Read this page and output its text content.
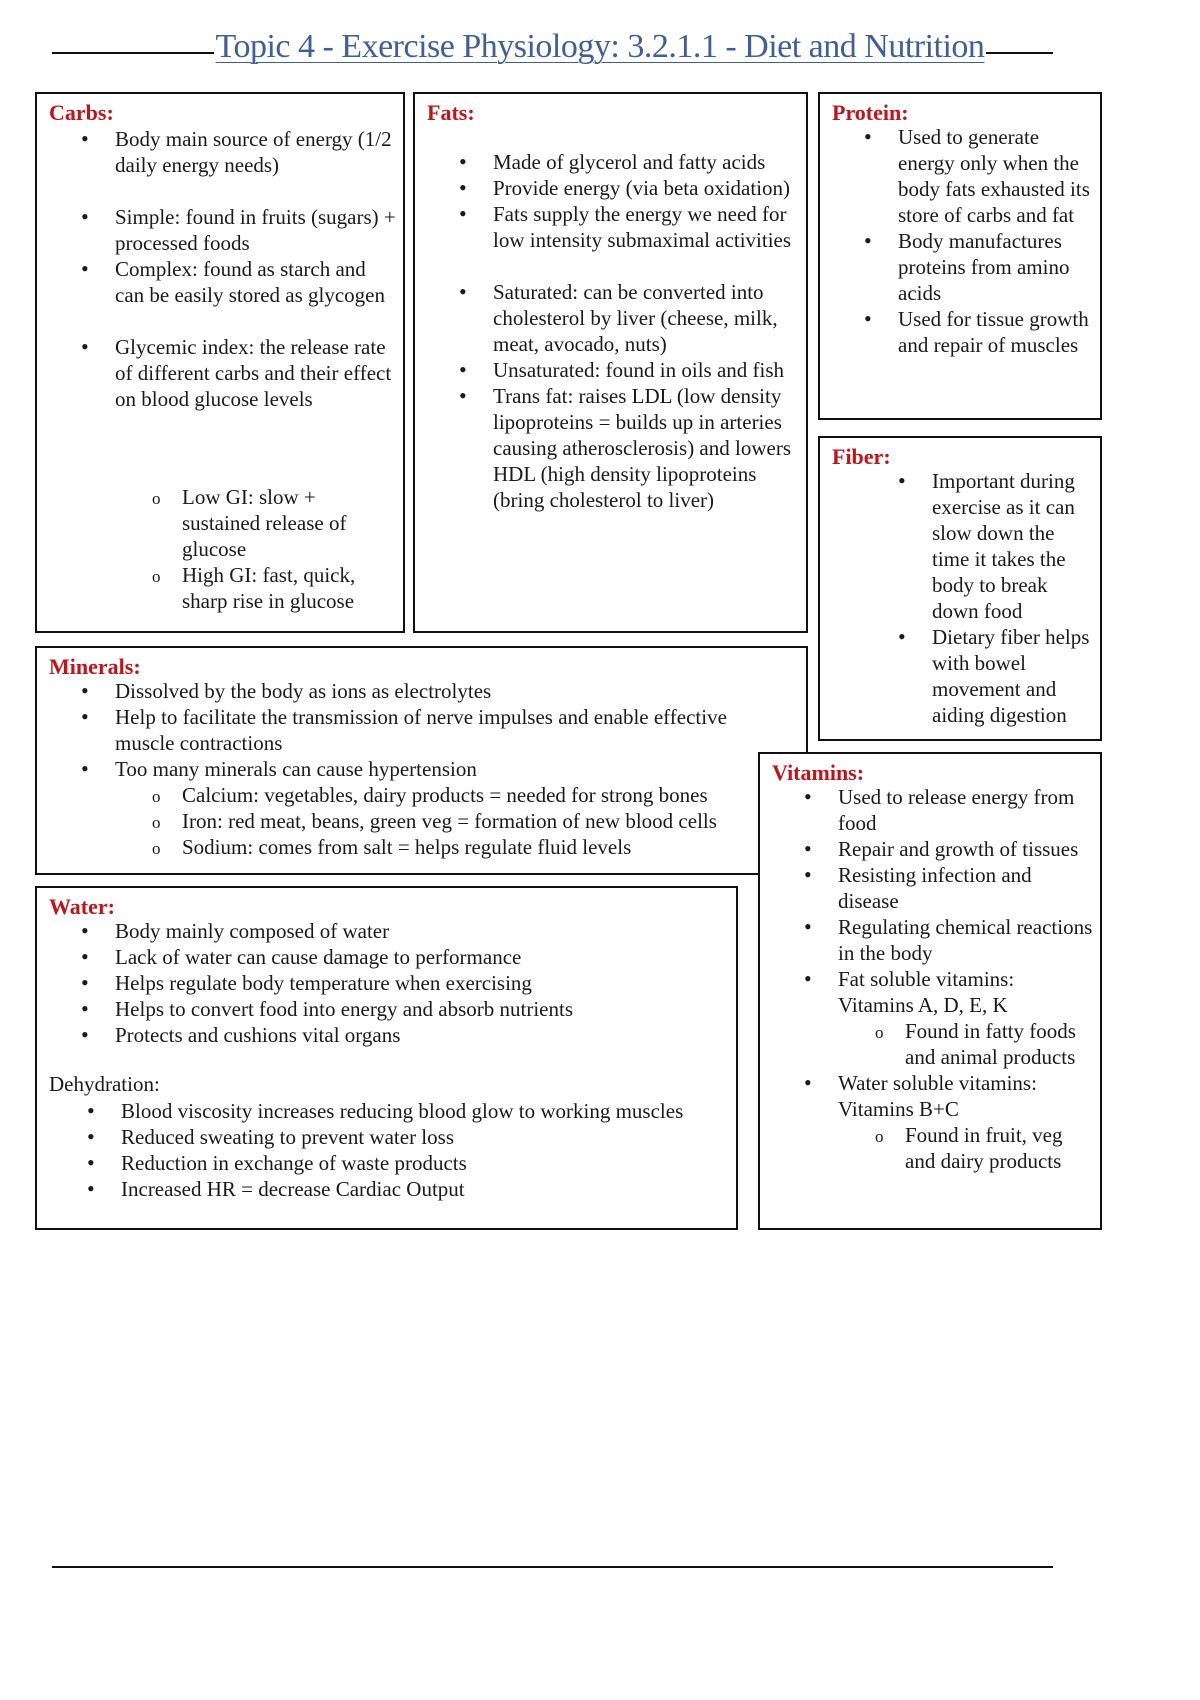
Topic 4 - Exercise Physiology: 3.2.1.1 - Diet and Nutrition
Carbs:
• Body main source of energy (1/2 daily energy needs)
• Simple: found in fruits (sugars) + processed foods
• Complex: found as starch and can be easily stored as glycogen
• Glycemic index: the release rate of different carbs and their effect on blood glucose levels
o Low GI: slow + sustained release of glucose
o High GI: fast, quick, sharp rise in glucose
Fats:
• Made of glycerol and fatty acids
• Provide energy (via beta oxidation)
• Fats supply the energy we need for low intensity submaximal activities
• Saturated: can be converted into cholesterol by liver (cheese, milk, meat, avocado, nuts)
• Unsaturated: found in oils and fish
• Trans fat: raises LDL (low density lipoproteins = builds up in arteries causing atherosclerosis) and lowers HDL (high density lipoproteins (bring cholesterol to liver)
Protein:
• Used to generate energy only when the body fats exhausted its store of carbs and fat
• Body manufactures proteins from amino acids
• Used for tissue growth and repair of muscles
Fiber:
• Important during exercise as it can slow down the time it takes the body to break down food
• Dietary fiber helps with bowel movement and aiding digestion
Minerals:
• Dissolved by the body as ions as electrolytes
• Help to facilitate the transmission of nerve impulses and enable effective muscle contractions
• Too many minerals can cause hypertension
o Calcium: vegetables, dairy products = needed for strong bones
o Iron: red meat, beans, green veg = formation of new blood cells
o Sodium: comes from salt = helps regulate fluid levels
Vitamins:
• Used to release energy from food
• Repair and growth of tissues
• Resisting infection and disease
• Regulating chemical reactions in the body
• Fat soluble vitamins: Vitamins A, D, E, K
o Found in fatty foods and animal products
• Water soluble vitamins: Vitamins B+C
o Found in fruit, veg and dairy products
Water:
• Body mainly composed of water
• Lack of water can cause damage to performance
• Helps regulate body temperature when exercising
• Helps to convert food into energy and absorb nutrients
• Protects and cushions vital organs
Dehydration:
• Blood viscosity increases reducing blood glow to working muscles
• Reduced sweating to prevent water loss
• Reduction in exchange of waste products
• Increased HR = decrease Cardiac Output
